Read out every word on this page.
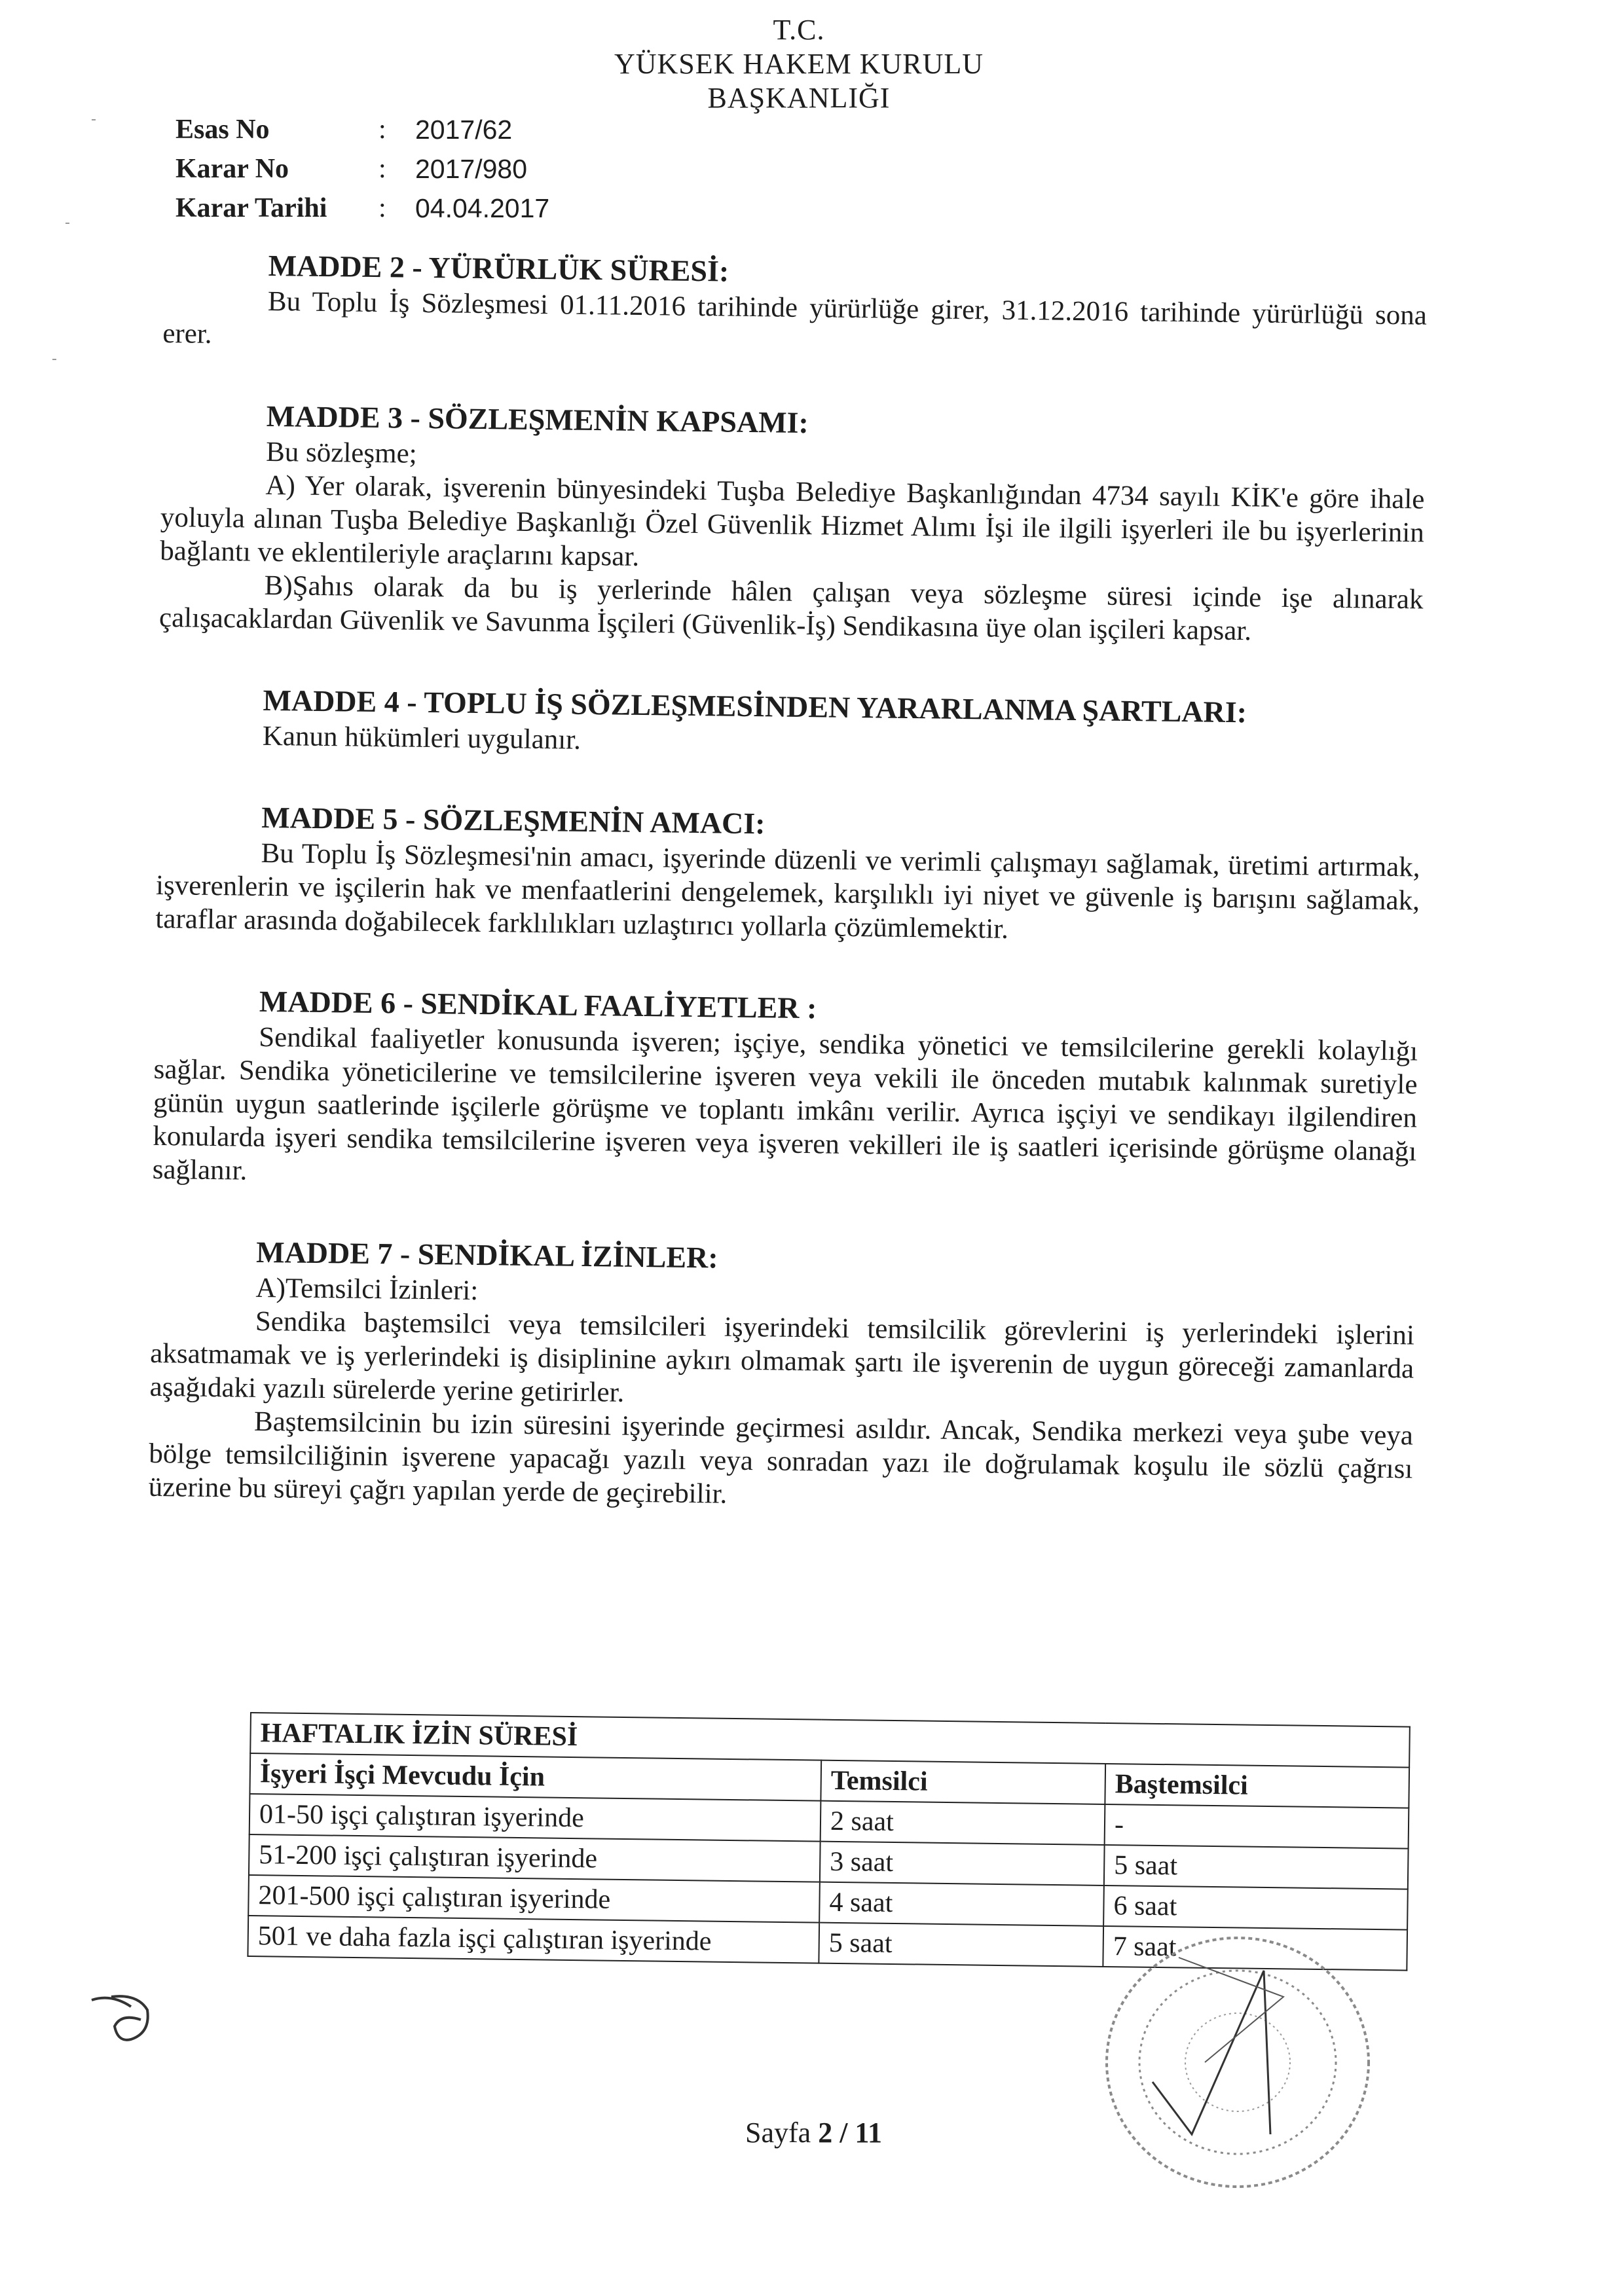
T.C.
YÜKSEK HAKEM KURULU
BAŞKANLIĞI
Esas No	:	2017/62
Karar No	:	2017/980
Karar Tarihi	:	04.04.2017
MADDE 2 - YÜRÜRLÜK SÜRESİ:
Bu Toplu İş Sözleşmesi 01.11.2016 tarihinde yürürlüğe girer, 31.12.2016 tarihinde yürürlüğü sona erer.
MADDE 3 - SÖZLEŞMENİN KAPSAMI:
Bu sözleşme;
A) Yer olarak, işverenin bünyesindeki Tuşba Belediye Başkanlığından 4734 sayılı KİK'e göre ihale yoluyla alınan Tuşba Belediye Başkanlığı Özel Güvenlik Hizmet Alımı İşi ile ilgili işyerleri ile bu işyerlerinin bağlantı ve eklentileriyle araçlarını kapsar.
B)Şahıs olarak da bu iş yerlerinde hâlen çalışan veya sözleşme süresi içinde işe alınarak çalışacaklardan Güvenlik ve Savunma İşçileri (Güvenlik-İş) Sendikasına üye olan işçileri kapsar.
MADDE 4 - TOPLU İŞ SÖZLEŞMESİNDEN YARARLANMA ŞARTLARI:
Kanun hükümleri uygulanır.
MADDE 5 - SÖZLEŞMENİN AMACI:
Bu Toplu İş Sözleşmesi'nin amacı, işyerinde düzenli ve verimli çalışmayı sağlamak, üretimi artırmak, işverenlerin ve işçilerin hak ve menfaatlerini dengelemek, karşılıklı iyi niyet ve güvenle iş barışını sağlamak, taraflar arasında doğabilecek farklılıkları uzlaştırıcı yollarla çözümlemektir.
MADDE 6 - SENDİKAL FAALİYETLER :
Sendikal faaliyetler konusunda işveren; işçiye, sendika yönetici ve temsilcilerine gerekli kolaylığı sağlar. Sendika yöneticilerine ve temsilcilerine işveren veya vekili ile önceden mutabık kalınmak suretiyle günün uygun saatlerinde işçilerle görüşme ve toplantı imkânı verilir. Ayrıca işçiyi ve sendikayı ilgilendiren konularda işyeri sendika temsilcilerine işveren veya işveren vekilleri ile iş saatleri içerisinde görüşme olanağı sağlanır.
MADDE 7 - SENDİKAL İZİNLER:
A)Temsilci İzinleri:
Sendika baştemsilci veya temsilcileri işyerindeki temsilcilik görevlerini iş yerlerindeki işlerini aksatmamak ve iş yerlerindeki iş disiplinine aykırı olmamak şartı ile işverenin de uygun göreceği zamanlarda aşağıdaki yazılı sürelerde yerine getirirler.
Baştemsilcinin bu izin süresini işyerinde geçirmesi asıldır. Ancak, Sendika merkezi veya şube veya bölge temsilciliğinin işverene yapacağı yazılı veya sonradan yazı ile doğrulamak koşulu ile sözlü çağrısı üzerine bu süreyi çağrı yapılan yerde de geçirebilir.
HAFTALIK İZİN SÜRESİ		
İşyeri İşçi Mevcudu İçin	Temsilci	Baştemsilci
01-50 işçi çalıştıran işyerinde	2 saat	-
51-200 işçi çalıştıran işyerinde	3 saat	5 saat
201-500 işçi çalıştıran işyerinde	4 saat	6 saat
501 ve daha fazla işçi çalıştıran işyerinde	5 saat	7 saat
Sayfa 2 / 11
